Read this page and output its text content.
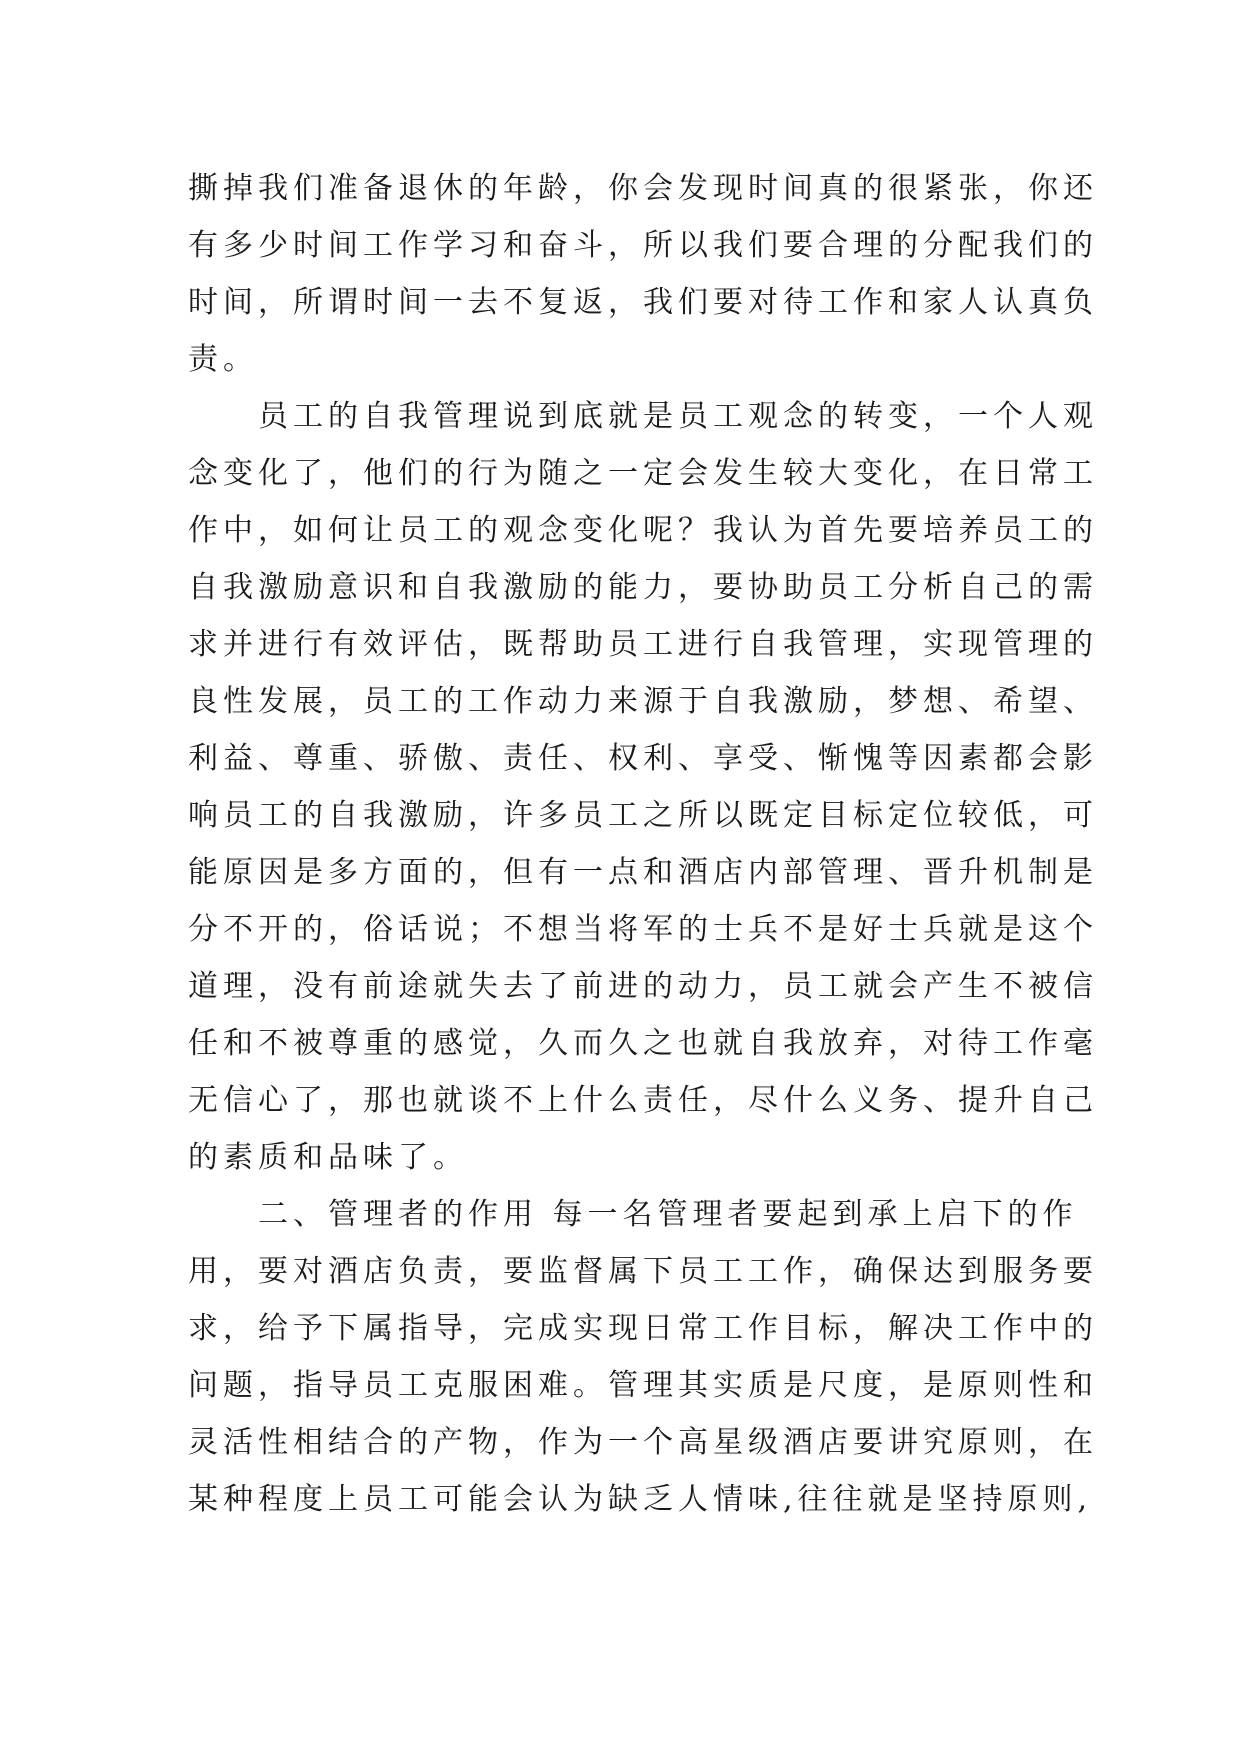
撕掉我们准备退休的年龄，你会发现时间真的很紧张，你还
有多少时间工作学习和奋斗，所以我们要合理的分配我们的
时间，所谓时间一去不复返，我们要对待工作和家人认真负
责。
员工的自我管理说到底就是员工观念的转变，一个人观
念变化了，他们的行为随之一定会发生较大变化，在日常工
作中，如何让员工的观念变化呢？我认为首先要培养员工的
自我激励意识和自我激励的能力，要协助员工分析自己的需
求并进行有效评估，既帮助员工进行自我管理，实现管理的
良性发展，员工的工作动力来源于自我激励，梦想、希望、
利益、尊重、骄傲、责任、权利、享受、惭愧等因素都会影
响员工的自我激励，许多员工之所以既定目标定位较低，可
能原因是多方面的，但有一点和酒店内部管理、晋升机制是
分不开的，俗话说；不想当将军的士兵不是好士兵就是这个
道理，没有前途就失去了前进的动力，员工就会产生不被信
任和不被尊重的感觉，久而久之也就自我放弃，对待工作毫
无信心了，那也就谈不上什么责任，尽什么义务、提升自己
的素质和品味了。
二、管理者的作用 每一名管理者要起到承上启下的作
用，要对酒店负责，要监督属下员工工作，确保达到服务要
求，给予下属指导，完成实现日常工作目标，解决工作中的
问题，指导员工克服困难。管理其实质是尺度，是原则性和
灵活性相结合的产物，作为一个高星级酒店要讲究原则，在
某种程度上员工可能会认为缺乏人情味,往往就是坚持原则,
